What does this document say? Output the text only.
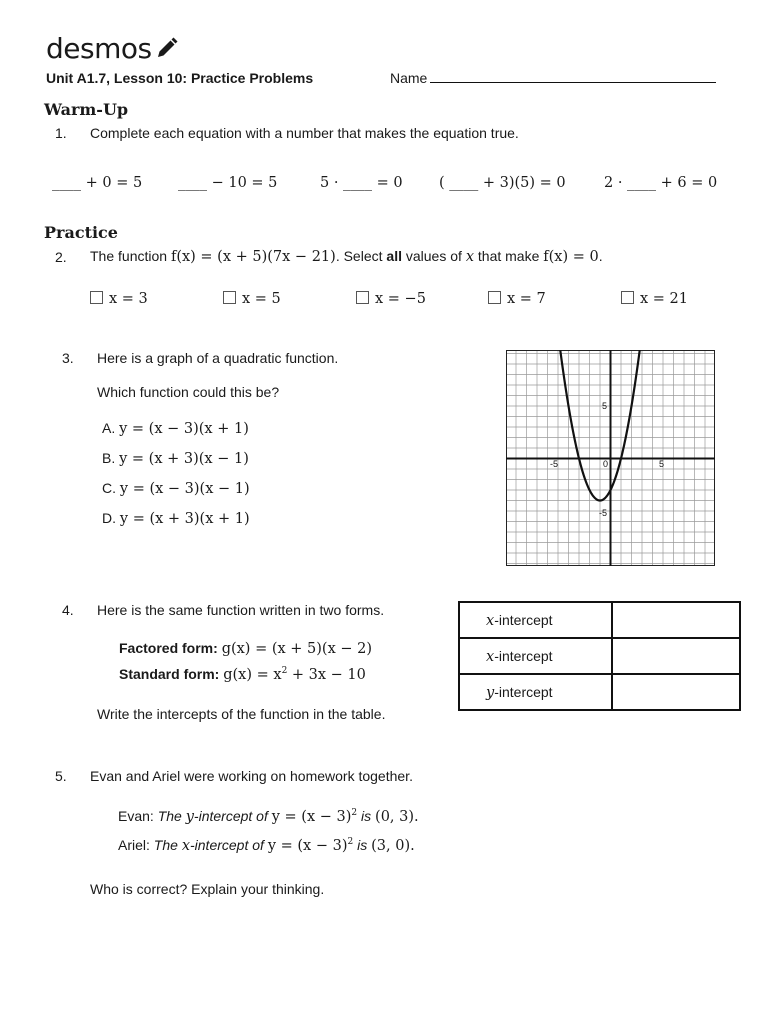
desmos
Unit A1.7, Lesson 10: Practice Problems	Name
Warm-Up
1. Complete each equation with a number that makes the equation true.
____ + 0 = 5 ____ − 10 = 5	5 · ____ = 0	( ____ + 3)(5) = 0	2 · ____ + 6 = 0
Practice
2. The function f(x) = (x + 5)(7x − 21). Select all values of x that make f(x) = 0.
x = 3	x = 5	x = −5	x = 7	x = 21
3. Here is a graph of a quadratic function.
Which function could this be?
A. y = (x − 3)(x + 1)
B. y = (x + 3)(x − 1)
C. y = (x − 3)(x − 1)
D. y = (x + 3)(x + 1)
-5	0	5
5
-5
4. Here is the same function written in two forms.
Factored form: g(x) = (x + 5)(x − 2)
Standard form: $g(x) = x^2 + 3x - 10$
Write the intercepts of the function in the table.
x-intercept	
x-intercept	
y-intercept	
5. Evan and Ariel were working on homework together.
Evan: The y-intercept of $y = (x - 3)^2$ is (0, 3).
Ariel: The x-intercept of $y = (x - 3)^2$ is (3, 0).
Who is correct? Explain your thinking.
